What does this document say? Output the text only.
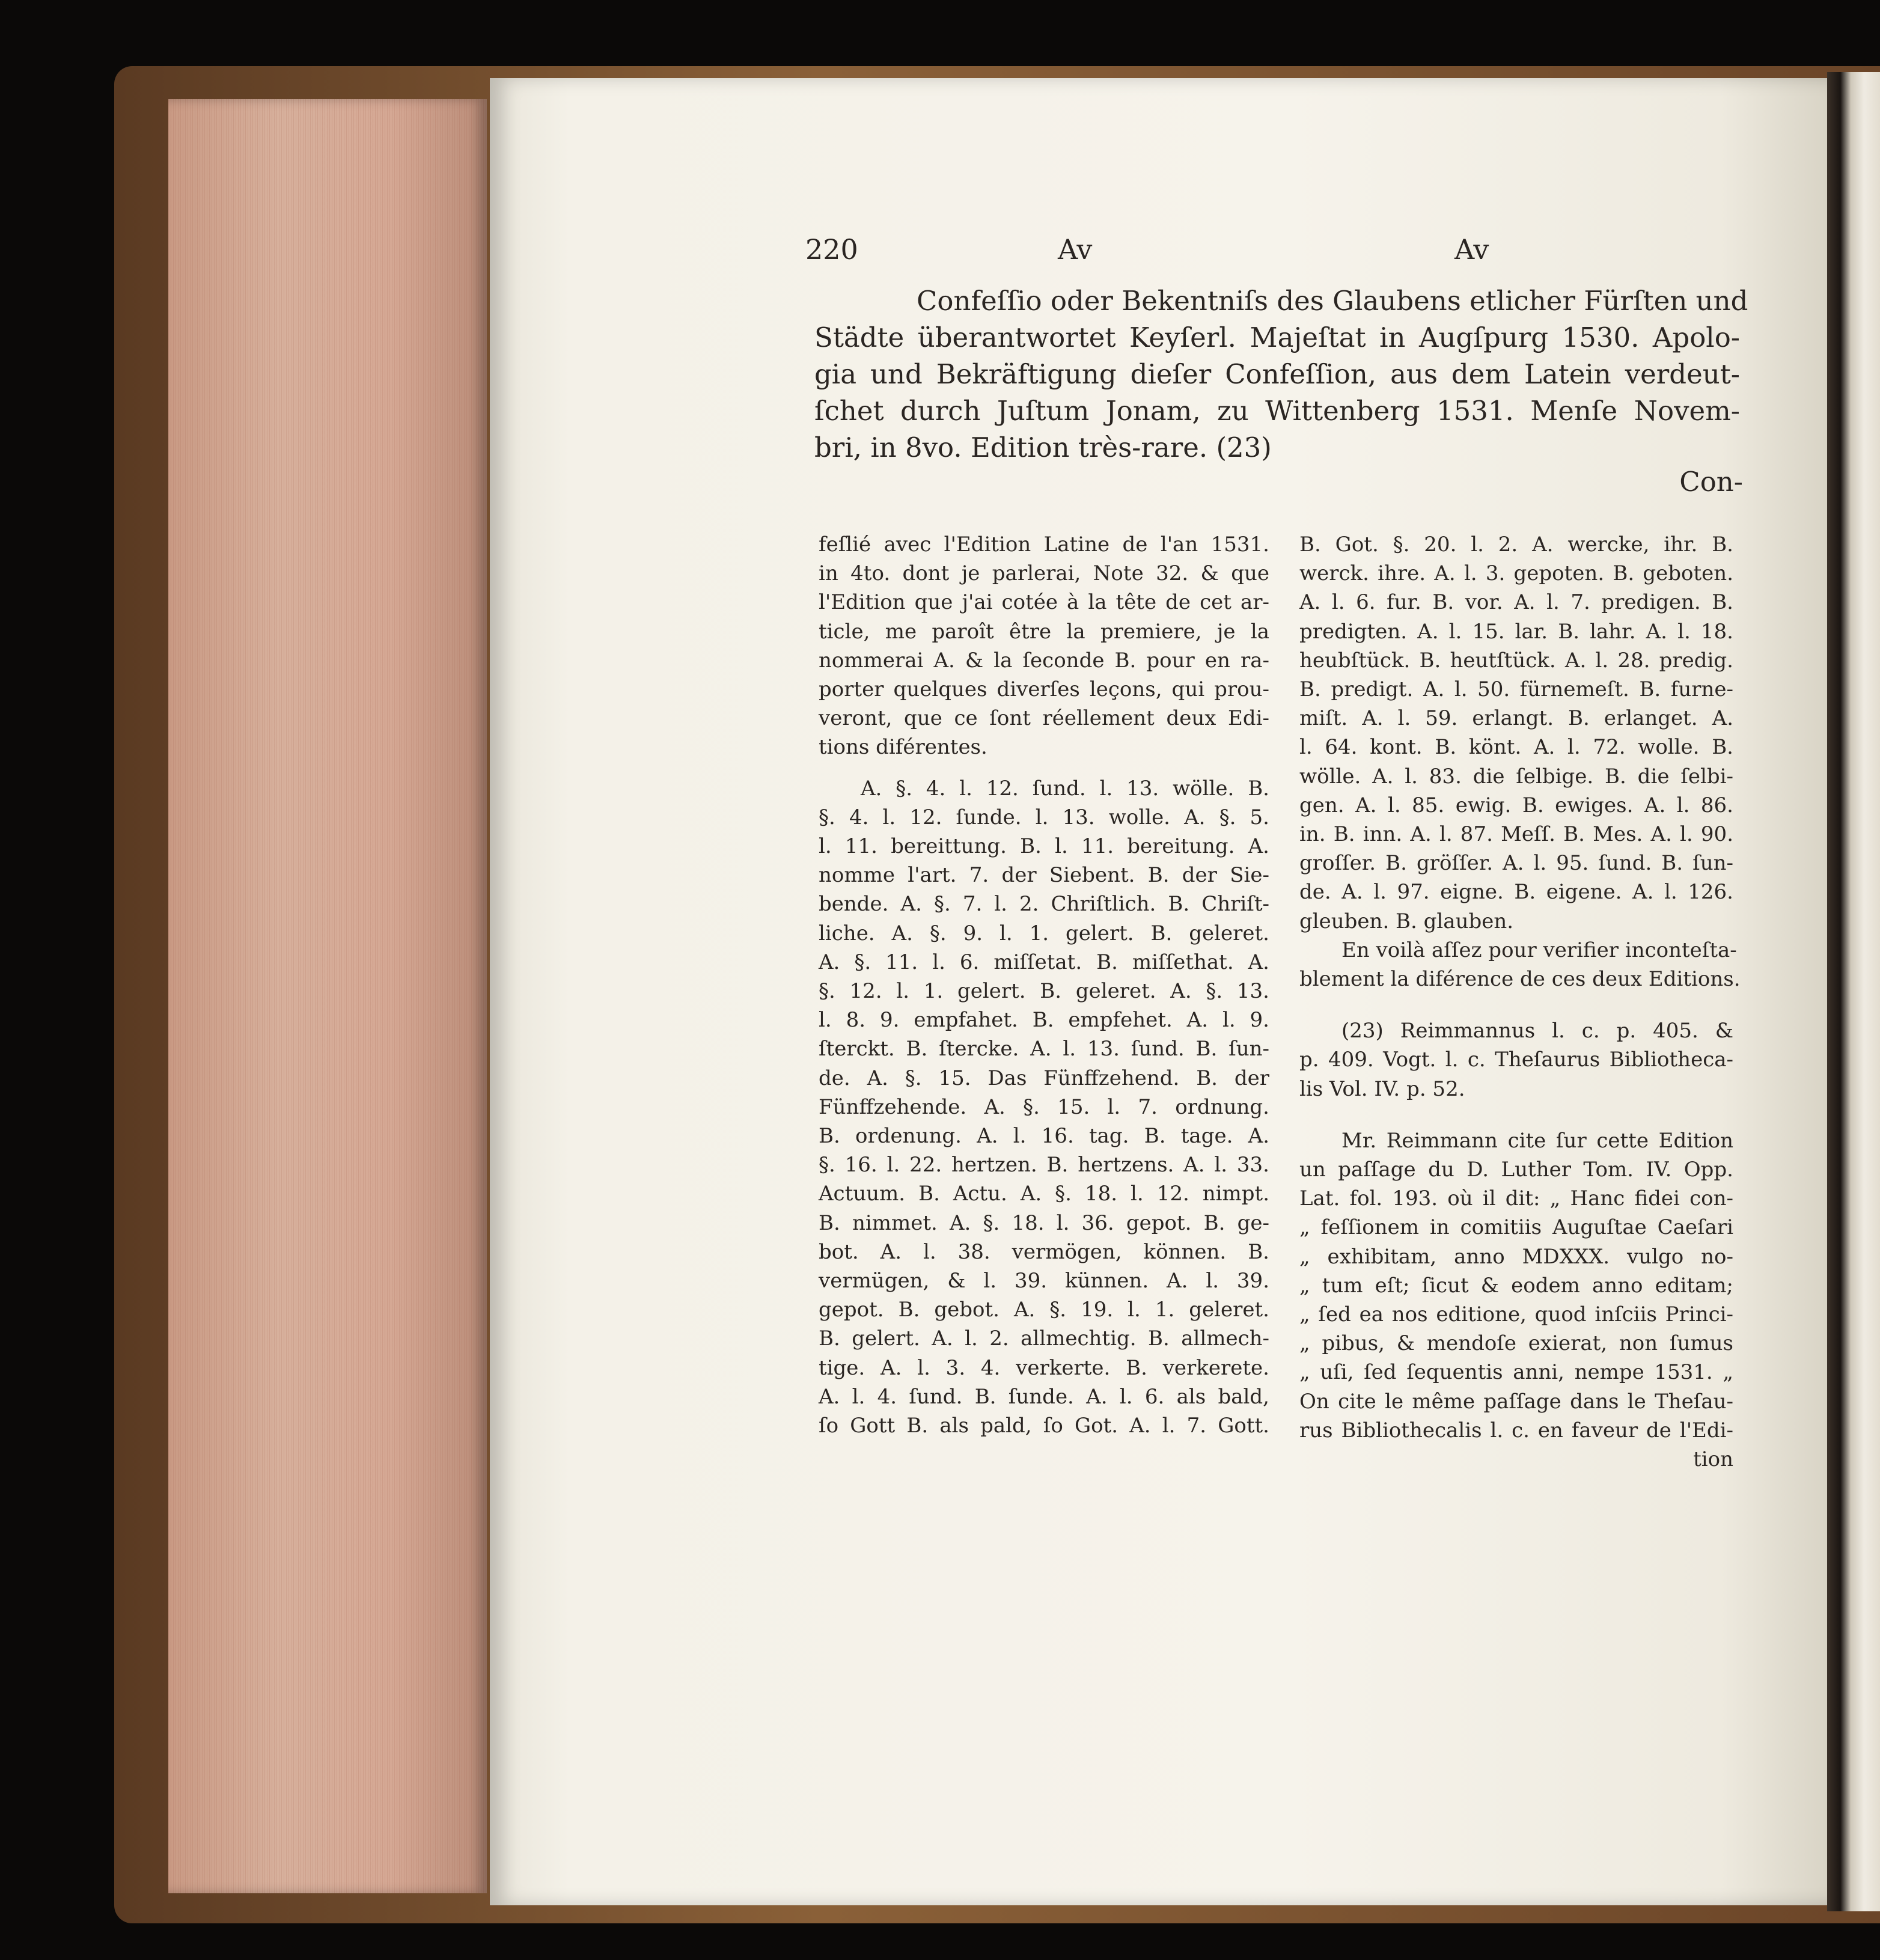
220	Av	Av
Confeſſio oder Bekentniſs des Glaubens etlicher Fürſten und
Städte überantwortet Keyſerl. Majeſtat in Augſpurg 1530. Apolo-
gia und Bekräftigung dieſer Confeſſion, aus dem Latein verdeut-
ſchet durch Juſtum Jonam, zu Wittenberg 1531. Menſe Novem-
bri, in 8vo. Edition très-rare. (23)
Con-
feſlié avec l'Edition Latine de l'an 1531.
in 4to. dont je parlerai, Note 32. & que
l'Edition que j'ai cotée à la tête de cet ar-
ticle, me paroît être la premiere, je la
nommerai A. & la ſeconde B. pour en ra-
porter quelques diverſes leçons, qui prou-
veront, que ce ſont réellement deux Edi-
tions diférentes.
A. §. 4. l. 12. ſund. l. 13. wölle. B.
§. 4. l. 12. ſunde. l. 13. wolle. A. §. 5.
l. 11. bereittung. B. l. 11. bereitung. A.
nomme l'art. 7. der Siebent. B. der Sie-
bende. A. §. 7. l. 2. Chriſtlich. B. Chriſt-
liche. A. §. 9. l. 1. gelert. B. geleret.
A. §. 11. l. 6. miſſetat. B. miſſethat. A.
§. 12. l. 1. gelert. B. geleret. A. §. 13.
l. 8. 9. empfahet. B. empfehet. A. l. 9.
ſterckt. B. ſtercke. A. l. 13. ſund. B. ſun-
de. A. §. 15. Das Fünffzehend. B. der
Fünffzehende. A. §. 15. l. 7. ordnung.
B. ordenung. A. l. 16. tag. B. tage. A.
§. 16. l. 22. hertzen. B. hertzens. A. l. 33.
Actuum. B. Actu. A. §. 18. l. 12. nimpt.
B. nimmet. A. §. 18. l. 36. gepot. B. ge-
bot. A. l. 38. vermögen, können. B.
vermügen, & l. 39. künnen. A. l. 39.
gepot. B. gebot. A. §. 19. l. 1. geleret.
B. gelert. A. l. 2. allmechtig. B. allmech-
tige. A. l. 3. 4. verkerte. B. verkerete.
A. l. 4. ſund. B. ſunde. A. l. 6. als bald,
ſo Gott B. als pald, ſo Got. A. l. 7. Gott.
B. Got. §. 20. l. 2. A. wercke, ihr. B.
werck. ihre. A. l. 3. gepoten. B. geboten.
A. l. 6. fur. B. vor. A. l. 7. predigen. B.
predigten. A. l. 15. lar. B. lahr. A. l. 18.
heubſtück. B. heutſtück. A. l. 28. predig.
B. predigt. A. l. 50. fürnemeſt. B. furne-
miſt. A. l. 59. erlangt. B. erlanget. A.
l. 64. kont. B. könt. A. l. 72. wolle. B.
wölle. A. l. 83. die ſelbige. B. die ſelbi-
gen. A. l. 85. ewig. B. ewiges. A. l. 86.
in. B. inn. A. l. 87. Meſſ. B. Mes. A. l. 90.
groſſer. B. gröſſer. A. l. 95. ſund. B. ſun-
de. A. l. 97. eigne. B. eigene. A. l. 126.
gleuben. B. glauben.
En voilà aſſez pour verifier inconteſta-
blement la diférence de ces deux Editions.
(23) Reimmannus l. c. p. 405. &
p. 409. Vogt. l. c. Theſaurus Bibliotheca-
lis Vol. IV. p. 52.
Mr. Reimmann cite ſur cette Edition
un paſſage du D. Luther Tom. IV. Opp.
Lat. fol. 193. où il dit: „ Hanc fidei con-
„ feſſionem in comitiis Auguſtae Caeſari
„ exhibitam, anno MDXXX. vulgo no-
„ tum eſt; ſicut & eodem anno editam;
„ ſed ea nos editione, quod inſciis Princi-
„ pibus, & mendoſe exierat, non ſumus
„ uſi, ſed ſequentis anni, nempe 1531. „
On cite le même paſſage dans le Theſau-
rus Bibliothecalis l. c. en faveur de l'Edi-
tion
